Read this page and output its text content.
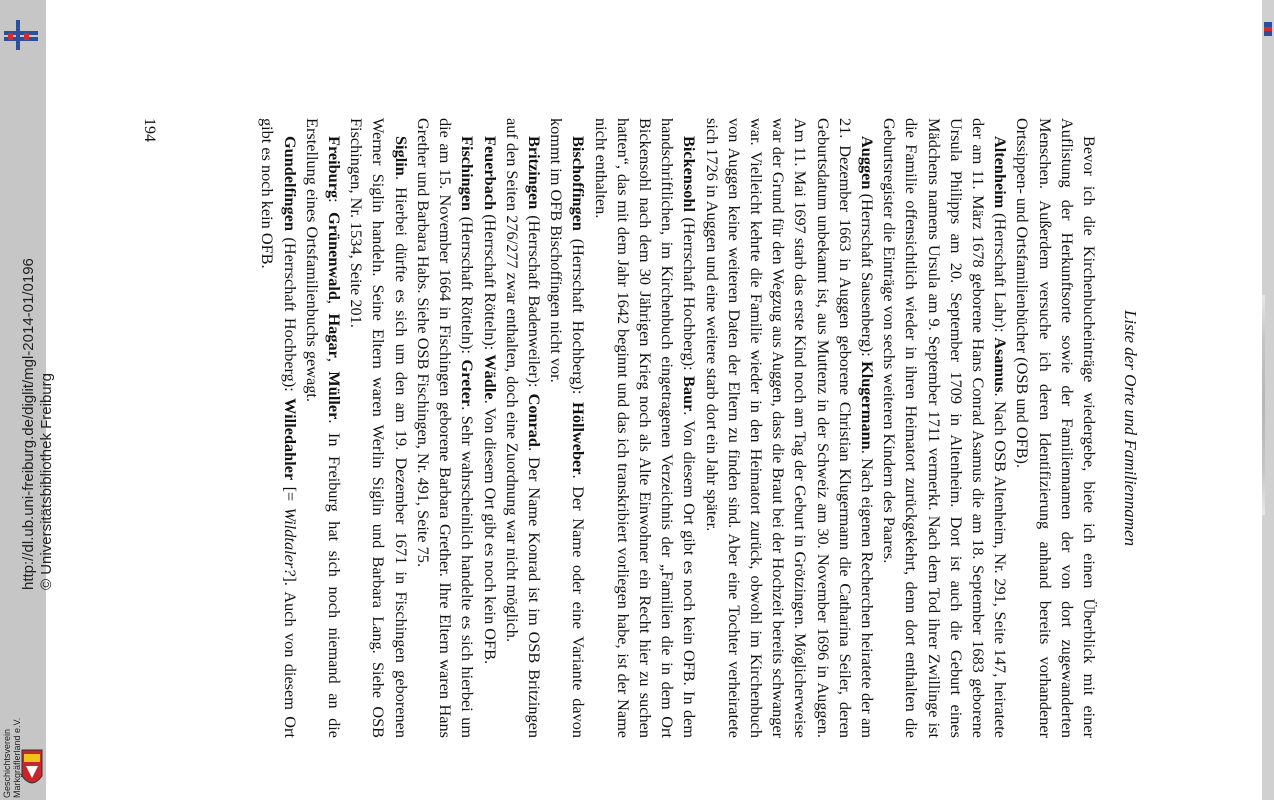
Geschichtsverein Markgräflerland e.V.
http://dl.ub.uni-freiburg.de/diglit/mgl-2014-01/0196 © Universitätsbibliothek Freiburg	Liste der Orte und Familiennamen

Bevor ich die Kirchenbucheinträge wiedergebe, biete ich einen Überblick mit einer Auflistung der Herkunftsorte sowie der Familiennamen der von dort zugewanderten Menschen. Außerdem versuche ich deren Identifizierung anhand bereits vorhandener Ortssippen- und Ortsfamilienbücher (OSB und OFB).

Altenheim (Herrschaft Lahr): Asamus. Nach OSB Altenheim, Nr. 291, Seite 147, heiratete der am 11. März 1678 geborene Hans Conrad Asamus die am 18. September 1683 geborene Ursula Philipps am 20. September 1709 in Altenheim. Dort ist auch die Geburt eines Mädchens namens Ursula am 9. September 1711 vermerkt. Nach dem Tod ihrer Zwillinge ist die Familie offensichtlich wieder in ihren Heimatort zurückgekehrt, denn dort enthalten die Geburtsregister die Einträge von sechs weiteren Kindern des Paares.

Auggen (Herrschaft Sausenberg): Klugermann. Nach eigenen Recherchen heiratete der am 21. Dezember 1663 in Auggen geborene Christian Klugermann die Catharina Seiler, deren Geburtsdatum unbekannt ist, aus Muttenz in der Schweiz am 30. November 1696 in Auggen. Am 11. Mai 1697 starb das erste Kind noch am Tag der Geburt in Grötzingen. Möglicherweise war der Grund für den Wegzug aus Auggen, dass die Braut bei der Hochzeit bereits schwanger war. Vielleicht kehrte die Familie wieder in den Heimatort zurück, obwohl im Kirchenbuch von Auggen keine weiteren Daten der Eltern zu finden sind. Aber eine Tochter verheiratete sich 1726 in Auggen und eine weitere starb dort ein Jahr später.

Bickensohl (Herrschaft Hochberg): Baur. Von diesem Ort gibt es noch kein OFB. In dem handschriftlichen, im Kirchenbuch eingetragenen Verzeichnis der „Familien die in dem Ort Bickensohl nach dem 30 Jährigen Krieg noch als Alte Einwohner ein Recht hier zu suchen hatten“, das mit dem Jahr 1642 beginnt und das ich transkribiert vorliegen habe, ist der Name nicht enthalten.

Bischoffingen (Herrschaft Hochberg): Höllweber. Der Name oder eine Variante davon kommt im OFB Bischoffingen nicht vor.

Britzingen (Herrschaft Badenweiler): Conrad. Der Name Konrad ist im OSB Britzingen auf den Seiten 276/277 zwar enthalten, doch eine Zuordnung war nicht möglich.

Feuerbach (Herrschaft Rötteln): Wädle. Von diesem Ort gibt es noch kein OFB.

Fischingen (Herrschaft Rötteln): Greter. Sehr wahrscheinlich handelte es sich hierbei um die am 15. November 1664 in Fischingen geborene Barbara Grether. Ihre Eltern waren Hans Grether und Barbara Habs. Siehe OSB Fischingen, Nr. 491, Seite 75.

Siglin. Hierbei dürfte es sich um den am 19. Dezember 1671 in Fischingen geborenen Werner Siglin handeln. Seine Eltern waren Werlin Siglin und Barbara Lang. Siehe OSB Fischingen, Nr. 1534, Seite 201.

Freiburg: Grünenwald, Hagar, Müller. In Freiburg hat sich noch niemand an die Erstellung eines Ortsfamilienbuchs gewagt.

Gundelfingen (Herrschaft Hochberg): Willedahler [= Wildtaler?]. Auch von diesem Ort gibt es noch kein OFB.

194
